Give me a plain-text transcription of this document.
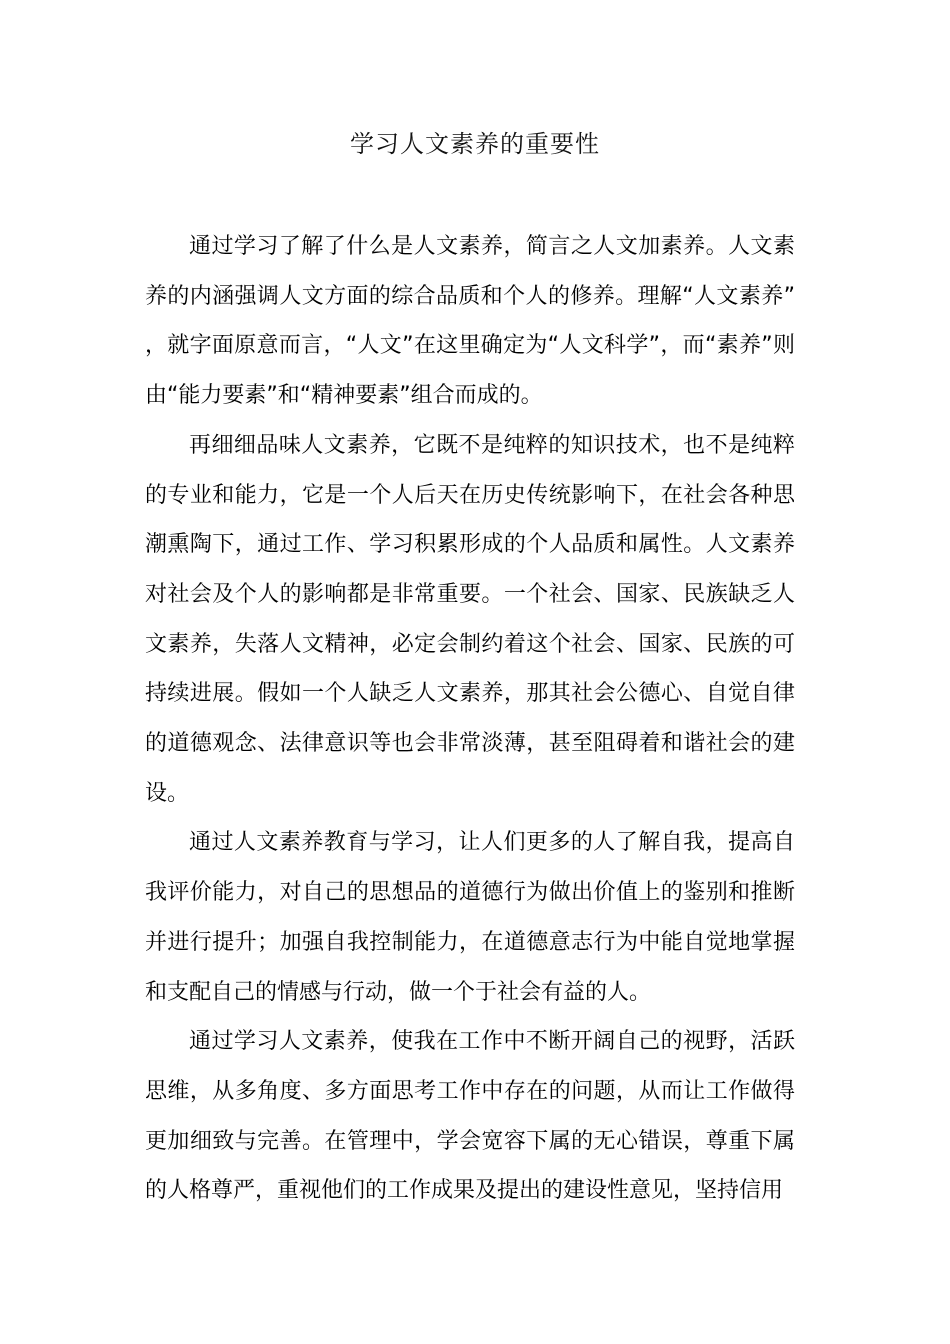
学习人文素养的重要性

通过学习了解了什么是人文素养，简言之人文加素养。人文素养的内涵强调人文方面的综合品质和个人的修养。理解“人文素养”，就字面原意而言，“人文”在这里确定为“人文科学”，而“素养”则由“能力要素”和“精神要素”组合而成的。

再细细品味人文素养，它既不是纯粹的知识技术，也不是纯粹的专业和能力，它是一个人后天在历史传统影响下，在社会各种思潮熏陶下，通过工作、学习积累形成的个人品质和属性。人文素养对社会及个人的影响都是非常重要。一个社会、国家、民族缺乏人文素养，失落人文精神，必定会制约着这个社会、国家、民族的可持续进展。假如一个人缺乏人文素养，那其社会公德心、自觉自律的道德观念、法律意识等也会非常淡薄，甚至阻碍着和谐社会的建设。

通过人文素养教育与学习，让人们更多的人了解自我，提高自我评价能力，对自己的思想品的道德行为做出价值上的鉴别和推断并进行提升；加强自我控制能力，在道德意志行为中能自觉地掌握和支配自己的情感与行动，做一个于社会有益的人。

通过学习人文素养，使我在工作中不断开阔自己的视野，活跃思维，从多角度、多方面思考工作中存在的问题，从而让工作做得更加细致与完善。在管理中，学会宽容下属的无心错误，尊重下属的人格尊严，重视他们的工作成果及提出的建设性意见，坚持信用
